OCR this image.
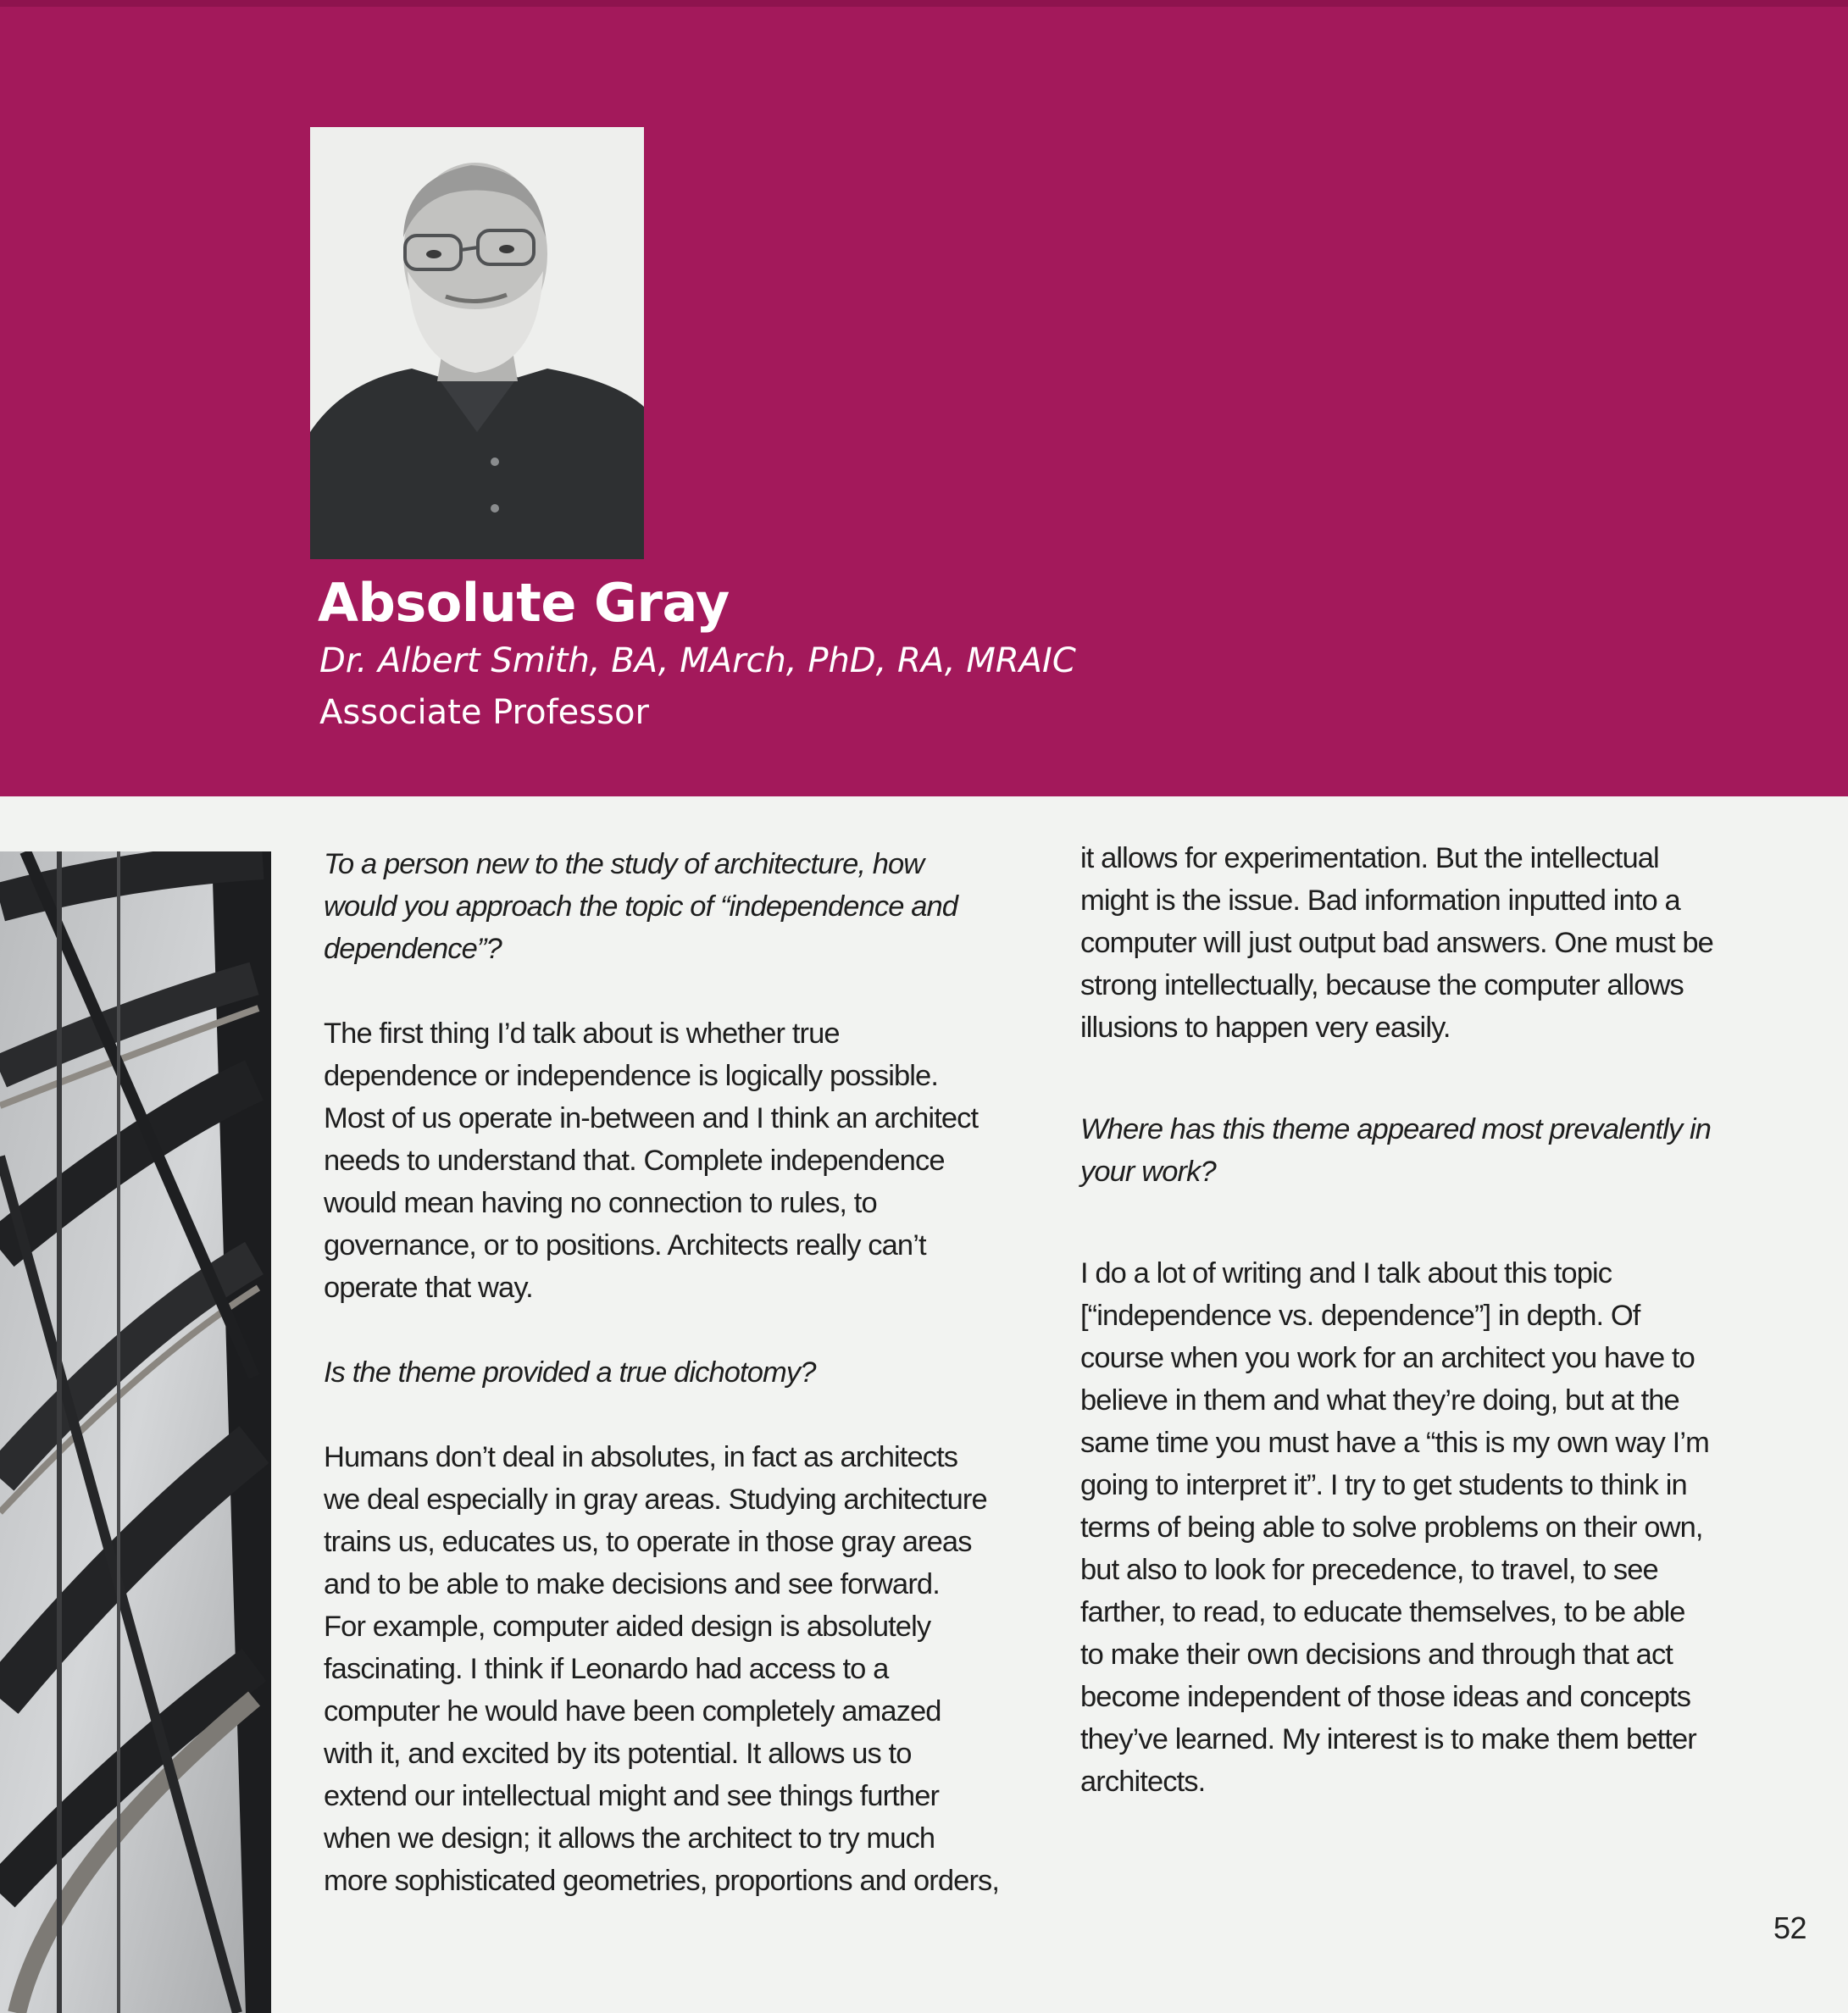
Absolute Gray
Dr. Albert Smith, BA, MArch, PhD, RA, MRAIC
Associate Professor
To a person new to the study of architecture, how
would you approach the topic of “independence and
dependence”?
The first thing I’d talk about is whether true
dependence or independence is logically possible.
Most of us operate in-between and I think an architect
needs to understand that. Complete independence
would mean having no connection to rules, to
governance, or to positions. Architects really can’t
operate that way.
Is the theme provided a true dichotomy?
Humans don’t deal in absolutes, in fact as architects
we deal especially in gray areas. Studying architecture
trains us, educates us, to operate in those gray areas
and to be able to make decisions and see forward.
For example, computer aided design is absolutely
fascinating. I think if Leonardo had access to a
computer he would have been completely amazed
with it, and excited by its potential. It allows us to
extend our intellectual might and see things further
when we design; it allows the architect to try much
more sophisticated geometries, proportions and orders,
it allows for experimentation. But the intellectual
might is the issue. Bad information inputted into a
computer will just output bad answers. One must be
strong intellectually, because the computer allows
illusions to happen very easily.
Where has this theme appeared most prevalently in
your work?
I do a lot of writing and I talk about this topic
[“independence vs. dependence”] in depth. Of
course when you work for an architect you have to
believe in them and what they’re doing, but at the
same time you must have a “this is my own way I’m
going to interpret it”. I try to get students to think in
terms of being able to solve problems on their own,
but also to look for precedence, to travel, to see
farther, to read, to educate themselves, to be able
to make their own decisions and through that act
become independent of those ideas and concepts
they’ve learned. My interest is to make them better
architects.
52
